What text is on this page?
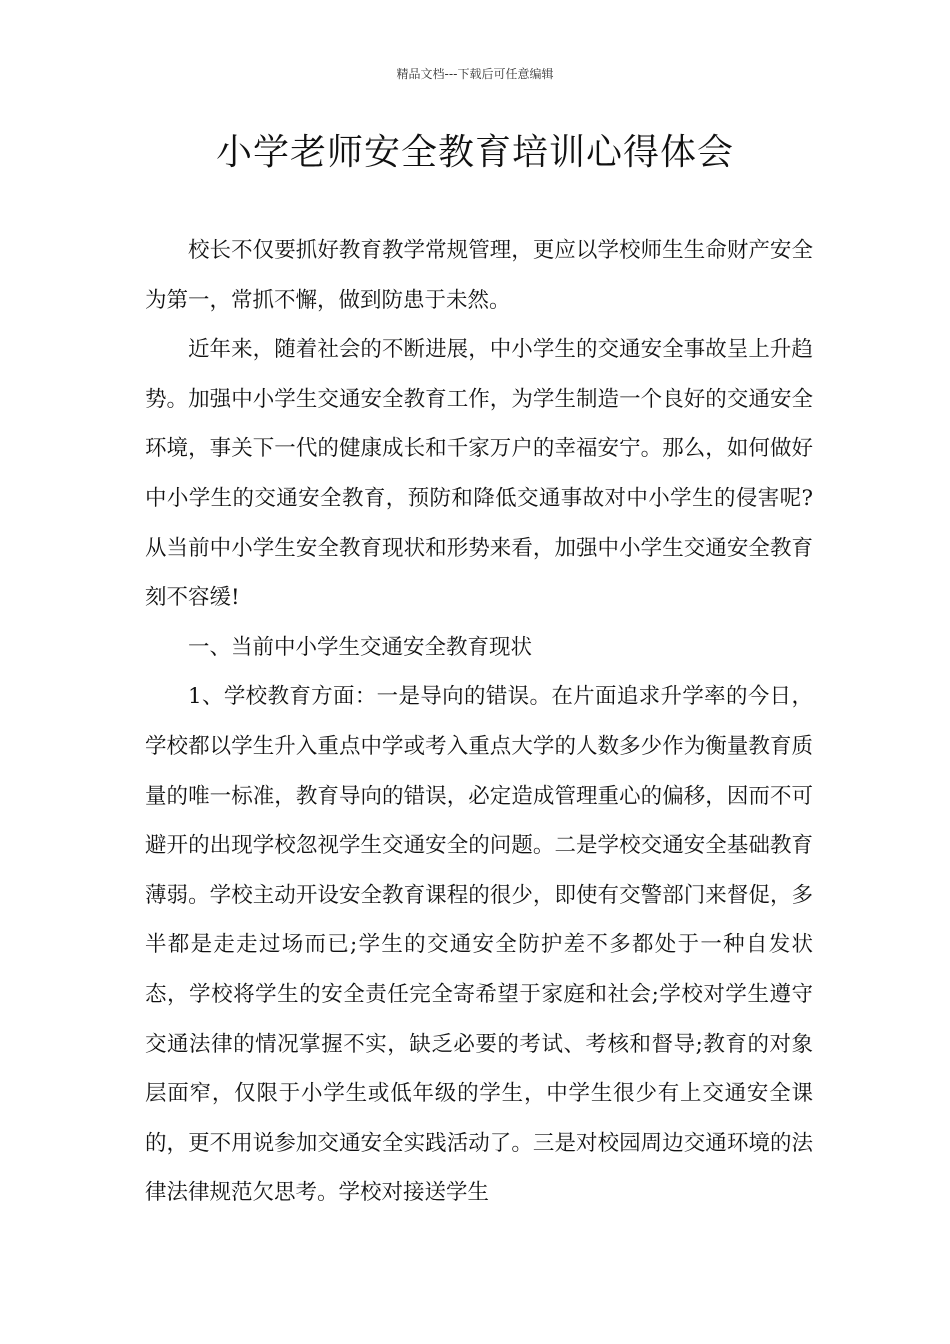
精品文档---下载后可任意编辑
小学老师安全教育培训心得体会

校长不仅要抓好教育教学常规管理，更应以学校师生生命财产安全为第一，常抓不懈，做到防患于未然。

近年来，随着社会的不断进展，中小学生的交通安全事故呈上升趋势。加强中小学生交通安全教育工作，为学生制造一个良好的交通安全环境，事关下一代的健康成长和千家万户的幸福安宁。那么，如何做好中小学生的交通安全教育，预防和降低交通事故对中小学生的侵害呢?从当前中小学生安全教育现状和形势来看，加强中小学生交通安全教育刻不容缓!

一、当前中小学生交通安全教育现状

1、学校教育方面：一是导向的错误。在片面追求升学率的今日，学校都以学生升入重点中学或考入重点大学的人数多少作为衡量教育质量的唯一标准，教育导向的错误，必定造成管理重心的偏移，因而不可避开的出现学校忽视学生交通安全的问题。二是学校交通安全基础教育薄弱。学校主动开设安全教育课程的很少，即使有交警部门来督促，多半都是走走过场而已;学生的交通安全防护差不多都处于一种自发状态，学校将学生的安全责任完全寄希望于家庭和社会;学校对学生遵守交通法律的情况掌握不实，缺乏必要的考试、考核和督导;教育的对象层面窄，仅限于小学生或低年级的学生，中学生很少有上交通安全课的，更不用说参加交通安全实践活动了。三是对校园周边交通环境的法律法律规范欠思考。学校对接送学生
